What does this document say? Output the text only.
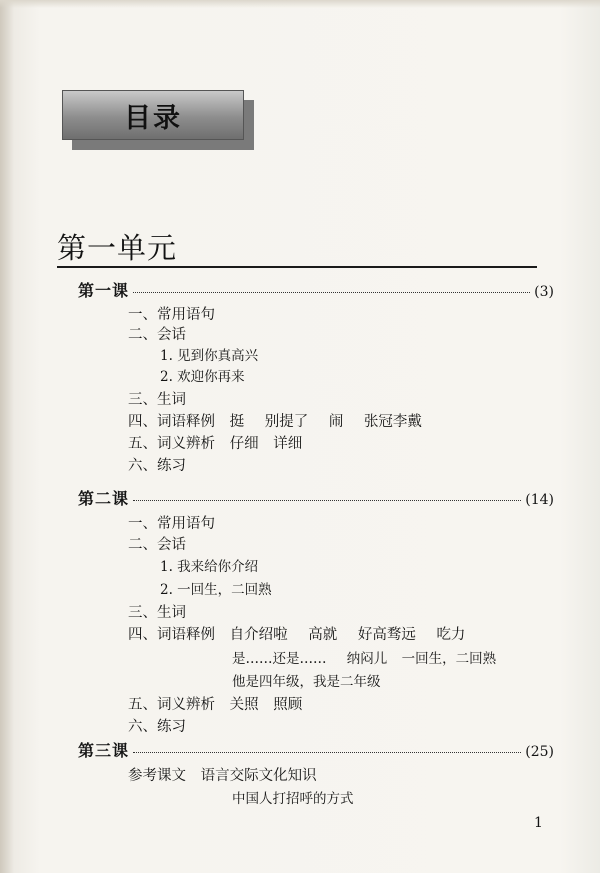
目录
第一单元
第一课	(3)
一、常用语句
二、会话
1. 见到你真高兴
2. 欢迎你再来
三、生词
四、词语释例 挺 别提了 闹 张冠李戴
五、词义辨析 仔细 详细
六、练习
第二课	(14)
一、常用语句
二、会话
1. 我来给你介绍
2. 一回生，二回熟
三、生词
四、词语释例 自介绍啦 高就 好高骛远 吃力
是……还是…… 纳闷儿 一回生，二回熟
他是四年级，我是二年级
五、词义辨析 关照 照顾
六、练习
第三课	(25)
参考课文 语言交际文化知识
中国人打招呼的方式
1
